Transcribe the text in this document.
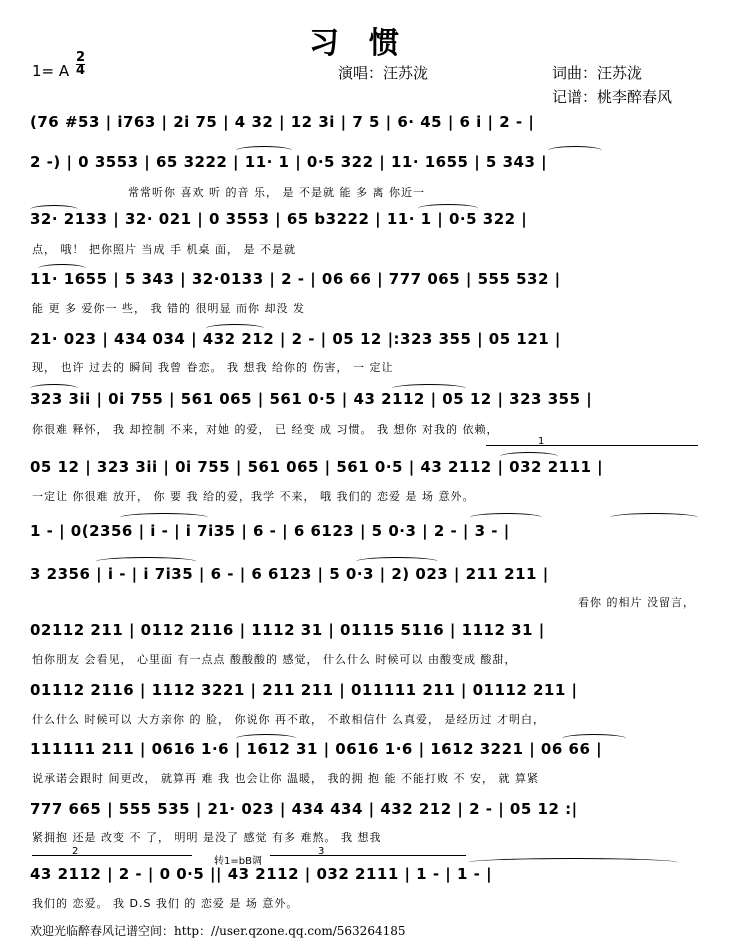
习惯
1= A
2
4	演唱：汪苏泷	词曲：汪苏泷
记谱：桃李醉春风
(76 #53 | i763 | 2i 75 | 4 32 | 12 3i | 7 5 | 6· 45 | 6 i | 2 - |
2 -) | 0 3553 | 65 3222 | 11· 1 | 0·5 322 | 11· 1655 | 5 343 |
常常听你 喜欢 听 的音 乐， 是 不是就 能 多 离 你近一
32· 2133 | 32· 021 | 0 3553 | 65 b3222 | 11· 1 | 0·5 322 |
点， 哦！ 把你照片 当成 手 机桌 面， 是 不是就
11· 1655 | 5 343 | 32·0133 | 2 - | 06 66 | 777 065 | 555 532 |
能 更 多 爱你一 些， 我 错的 很明显 而你 却没 发
21· 023 | 434 034 | 432 212 | 2 - | 05 12 |:323 355 | 05 121 |
现， 也许 过去的 瞬间 我曾 眷恋。 我 想我 给你的 伤害， 一 定让
323 3ii | 0i 755 | 561 065 | 561 0·5 | 43 2112 | 05 12 | 323 355 |
你很难 释怀， 我 却控制 不来，对她 的爱， 已 经变 成 习惯。 我 想你 对我的 依赖，
05 12 | 323 3ii | 0i 755 | 561 065 | 561 0·5 | 43 2112 | 032 2111 |
一定让 你很难 放开， 你 要 我 给的爱，我学 不来， 哦 我们的 恋爱 是 场 意外。
1 - | 0(2356 | i - | i 7i35 | 6 - | 6 6123 | 5 0·3 | 2 - | 3 - |
3 2356 | i - | i 7i35 | 6 - | 6 6123 | 5 0·3 | 2) 023 | 211 211 |
看你 的相片 没留言，
02112 211 | 0112 2116 | 1112 31 | 01115 5116 | 1112 31 |
怕你朋友 会看见， 心里面 有一点点 酸酸酸的 感觉， 什么什么 时候可以 由酸变成 酸甜，
01112 2116 | 1112 3221 | 211 211 | 011111 211 | 01112 211 |
什么什么 时候可以 大方亲你 的 脸， 你说你 再不敢， 不敢相信什 么真爱， 是经历过 才明白，
111111 211 | 0616 1·6 | 1612 31 | 0616 1·6 | 1612 3221 | 06 66 |
说承诺会跟时 间更改， 就算再 难 我 也会让你 温暖， 我的拥 抱 能 不能打败 不 安， 就 算紧
777 665 | 555 535 | 21· 023 | 434 434 | 432 212 | 2 - | 05 12 :|
紧拥抱 还是 改变 不 了， 明明 是没了 感觉 有多 难熬。 我 想我
43 2112 | 2 - | 0 0·5 || 43 2112 | 032 2111 | 1 - | 1 - |
我们的 恋爱。 我 D.S 我们 的 恋爱 是 场 意外。
1
2	3
转1=bB调
欢迎光临醉春风记谱空间：http：//user.qzone.qq.com/563264185
